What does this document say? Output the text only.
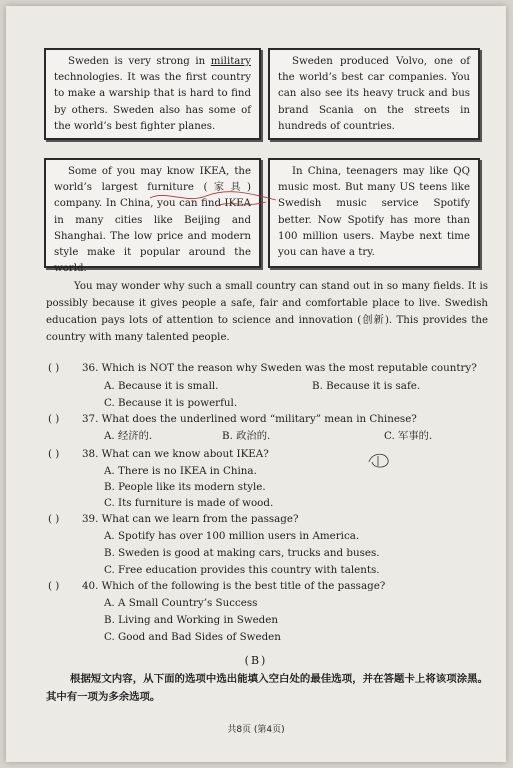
Sweden is very strong in military technologies. It was the first country to make a warship that is hard to find by others. Sweden also has some of the world’s best fighter planes.

Sweden produced Volvo, one of the world’s best car companies. You can also see its heavy truck and bus brand Scania on the streets in hundreds of countries.

Some of you may know IKEA, the world’s largest furniture (家具) company. In China, you can find IKEA in many cities like Beijing and Shanghai. The low price and modern style make it popular around the world.

In China, teenagers may like QQ music most. But many US teens like Swedish music service Spotify better. Now Spotify has more than 100 million users. Maybe next time you can have a try.

You may wonder why such a small country can stand out in so many fields. It is possibly because it gives people a safe, fair and comfortable place to live. Swedish education pays lots of attention to science and innovation (创新). This provides the country with many talented people.

( ) 36. Which is NOT the reason why Sweden was the most reputable country?
A. Because it is small.	B. Because it is safe.
C. Because it is powerful.
( ) 37. What does the underlined word “military” mean in Chinese?
A. 经济的.	B. 政治的.	C. 军事的.
( ) 38. What can we know about IKEA?
A. There is no IKEA in China.
B. People like its modern style.
C. Its furniture is made of wood.
( ) 39. What can we learn from the passage?
A. Spotify has over 100 million users in America.
B. Sweden is good at making cars, trucks and buses.
C. Free education provides this country with talents.
( ) 40. Which of the following is the best title of the passage?
A. A Small Country’s Success
B. Living and Working in Sweden
C. Good and Bad Sides of Sweden
(B)

根据短文内容，从下面的选项中选出能填入空白处的最佳选项，并在答题卡上将该项涂黑。其中有一项为多余选项。

共8页 (第4页)
